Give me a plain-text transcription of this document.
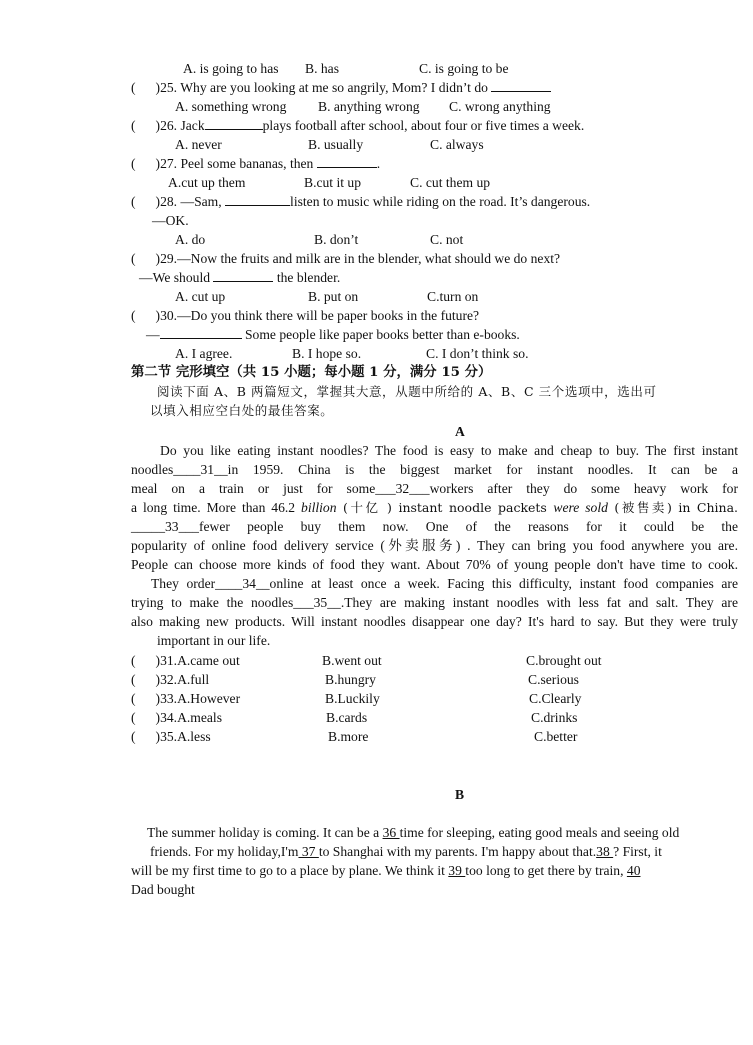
A. is going to has B. has	C. is going to be
( )25. Why are you looking at me so angrily, Mom? I didn’t do
A. something wrong B. anything wrong C. wrong anything
( )26. Jack	plays football after school, about four or five times a week.
A. never	B. usually	C. always
( )27. Peel some bananas, then	.
A.cut up them	B.cut it up	C. cut them up
( )28. —Sam,	listen to music while riding on the road. It’s dangerous.
—OK.
A. do	B. don’t	C. not
( )29.—Now the fruits and milk are in the blender, what should we do next?
—We should	the blender.
A. cut up	B. put on	C.turn on
( )30.—Do you think there will be paper books in the future?
—	Some people like paper books better than e-books.
A. I agree.	B. I hope so.	C. I don’t think so.
第二节 完形填空（共 15 小题；每小题 1 分，满分 15 分）
阅读下面 A、B 两篇短文，掌握其大意，从题中所给的 A、B、C 三个选项中，选出可
以填入相应空白处的最佳答案。
A
Do you like eating instant noodles? The food is easy to make and cheap to buy. The first instant
noodles____31__in 1959. China is the biggest market for instant noodles. It can be a
meal on a train or just for some___32___workers after they do some heavy work for
a long time. More than 46.2 billion (十亿 ) instant noodle packets were sold (被售卖) in China.
_____33___fewer people buy them now. One of the reasons for it could be the
popularity of online food delivery service (外卖服务) . They can bring you food anywhere you are.
People can choose more kinds of food they want. About 70% of young people don't have time to cook.
They order____34__online at least once a week. Facing this difficulty, instant food companies are
trying to make the noodles___35__.They are making instant noodles with less fat and salt. They are
also making new products. Will instant noodles disappear one day? It's hard to say. But they were truly
important in our life.
( )31.A.came out	B.went out	C.brought out
( )32.A.full	B.hungry	C.serious
( )33.A.However	B.Luckily	C.Clearly
( )34.A.meals	B.cards	C.drinks
( )35.A.less	B.more	C.better
B
The summer holiday is coming. It can be a 36 time for sleeping, eating good meals and seeing old
friends. For my holiday,I'm 37 to Shanghai with my parents. I'm happy about that.38 ? First, it
will be my first time to go to a place by plane. We think it 39 too long to get there by train, 40
Dad bought
